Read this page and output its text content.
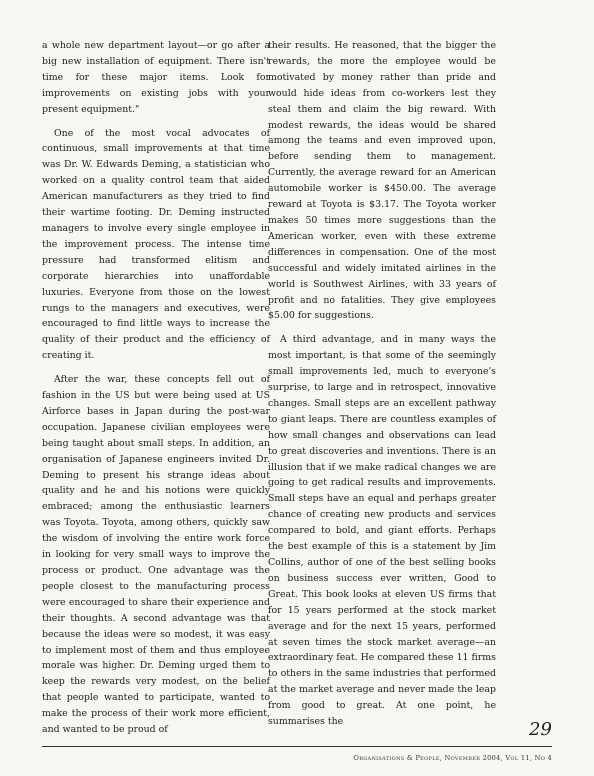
a whole new department layout—or go after a big new installation of equipment. There isn't time for these major items. Look for improvements on existing jobs with your present equipment."

One of the most vocal advocates of continuous, small improvements at that time was Dr. W. Edwards Deming, a statistician who worked on a quality control team that aided American manufacturers as they tried to find their wartime footing. Dr. Deming instructed managers to involve every single employee in the improvement process. The intense time pressure had transformed elitism and corporate hierarchies into unaffordable luxuries. Everyone from those on the lowest rungs to the managers and executives, were encouraged to find little ways to increase the quality of their product and the efficiency of creating it.

After the war, these concepts fell out of fashion in the US but were being used at US Airforce bases in Japan during the post-war occupation. Japanese civilian employees were being taught about small steps. In addition, an organisation of Japanese engineers invited Dr. Deming to present his strange ideas about quality and he and his notions were quickly embraced; among the enthusiastic learners was Toyota. Toyota, among others, quickly saw the wisdom of involving the entire work force in looking for very small ways to improve the process or product. One advantage was the people closest to the manufacturing process were encouraged to share their experience and their thoughts. A second advantage was that because the ideas were so modest, it was easy to implement most of them and thus employee morale was higher. Dr. Deming urged them to keep the rewards very modest, on the belief that people wanted to participate, wanted to make the process of their work more efficient, and wanted to be proud of

their results. He reasoned, that the bigger the rewards, the more the employee would be motivated by money rather than pride and would hide ideas from co-workers lest they steal them and claim the big reward. With modest rewards, the ideas would be shared among the teams and even improved upon, before sending them to management. Currently, the average reward for an American automobile worker is $450.00. The average reward at Toyota is $3.17. The Toyota worker makes 50 times more suggestions than the American worker, even with these extreme differences in compensation. One of the most successful and widely imitated airlines in the world is Southwest Airlines, with 33 years of profit and no fatalities. They give employees $5.00 for suggestions.

A third advantage, and in many ways the most important, is that some of the seemingly small improvements led, much to everyone's surprise, to large and in retrospect, innovative changes. Small steps are an excellent pathway to giant leaps. There are countless examples of how small changes and observations can lead to great discoveries and inventions. There is an illusion that if we make radical changes we are going to get radical results and improvements. Small steps have an equal and perhaps greater chance of creating new products and services compared to bold, and giant efforts. Perhaps the best example of this is a statement by Jim Collins, author of one of the best selling books on business success ever written, Good to Great. This book looks at eleven US firms that for 15 years performed at the stock market average and for the next 15 years, performed at seven times the stock market average—an extraordinary feat. He compared these 11 firms to others in the same industries that performed at the market average and never made the leap from good to great. At one point, he summarises the	29
Organisations & People, November 2004, Vol 11, No 4
